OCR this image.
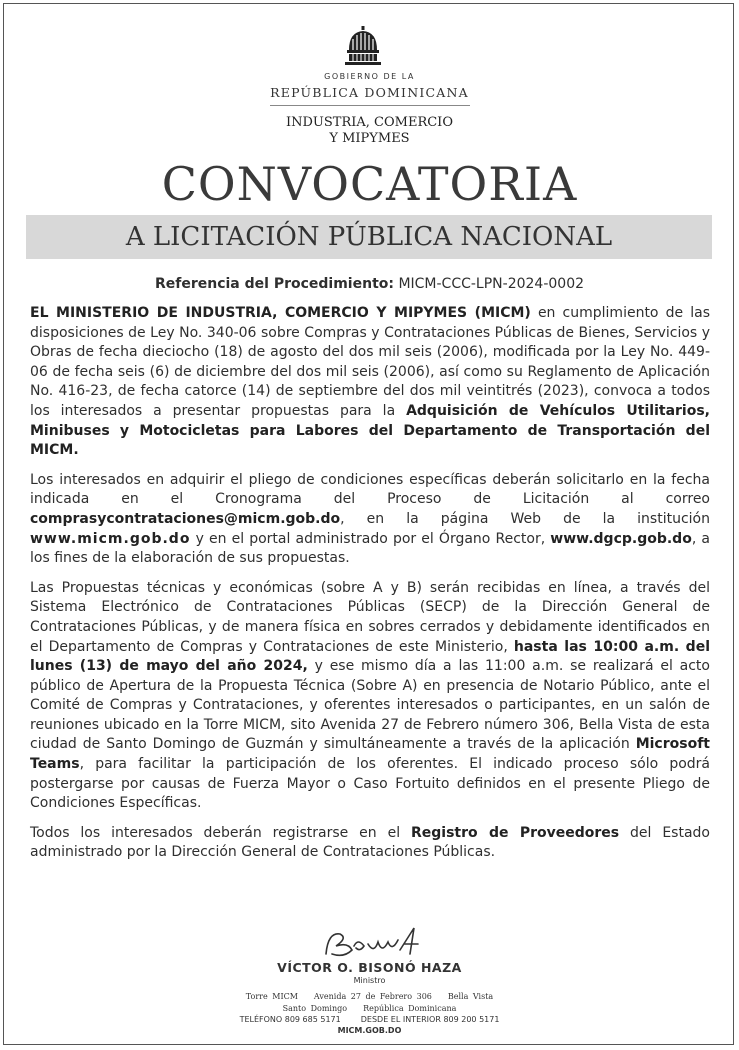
GOBIERNO DE LA
REPÚBLICA DOMINICANA
INDUSTRIA, COMERCIO
Y MIPYMES
CONVOCATORIA
A LICITACIÓN PÚBLICA NACIONAL
Referencia del Procedimiento: MICM-CCC-LPN-2024-0002

EL MINISTERIO DE INDUSTRIA, COMERCIO Y MIPYMES (MICM) en cumplimiento de las disposiciones de Ley No. 340-06 sobre Compras y Contrataciones Públicas de Bienes, Servicios y Obras de fecha dieciocho (18) de agosto del dos mil seis (2006), modificada por la Ley No. 449-06 de fecha seis (6) de diciembre del dos mil seis (2006), así como su Reglamento de Aplicación No. 416-23, de fecha catorce (14) de septiembre del dos mil veintitrés (2023), convoca a todos los interesados a presentar propuestas para la Adquisición de Vehículos Utilitarios, Minibuses y Motocicletas para Labores del Departamento de Transportación del MICM.

Los interesados en adquirir el pliego de condiciones específicas deberán solicitarlo en la fecha indicada en el Cronograma del Proceso de Licitación al correo comprasycontrataciones@micm.gob.do, en la página Web de la institución www.micm.gob.do y en el portal administrado por el Órgano Rector, www.dgcp.gob.do, a los fines de la elaboración de sus propuestas.

Las Propuestas técnicas y económicas (sobre A y B) serán recibidas en línea, a través del Sistema Electrónico de Contrataciones Públicas (SECP) de la Dirección General de Contrataciones Públicas, y de manera física en sobres cerrados y debidamente identificados en el Departamento de Compras y Contrataciones de este Ministerio, hasta las 10:00 a.m. del lunes (13) de mayo del año 2024, y ese mismo día a las 11:00 a.m. se realizará el acto público de Apertura de la Propuesta Técnica (Sobre A) en presencia de Notario Público, ante el Comité de Compras y Contrataciones, y oferentes interesados o participantes, en un salón de reuniones ubicado en la Torre MICM, sito Avenida 27 de Febrero número 306, Bella Vista de esta ciudad de Santo Domingo de Guzmán y simultáneamente a través de la aplicación Microsoft Teams, para facilitar la participación de los oferentes. El indicado proceso sólo podrá postergarse por causas de Fuerza Mayor o Caso Fortuito definidos en el presente Pliego de Condiciones Específicas.

Todos los interesados deberán registrarse en el Registro de Proveedores del Estado administrado por la Dirección General de Contrataciones Públicas.

VÍCTOR O. BISONÓ HAZA
Ministro
Torre MICM Avenida 27 de Febrero 306 Bella Vista
Santo Domingo República Dominicana
TELÉFONO 809 685 5171	DESDE EL INTERIOR 809 200 5171
MICM.GOB.DO
